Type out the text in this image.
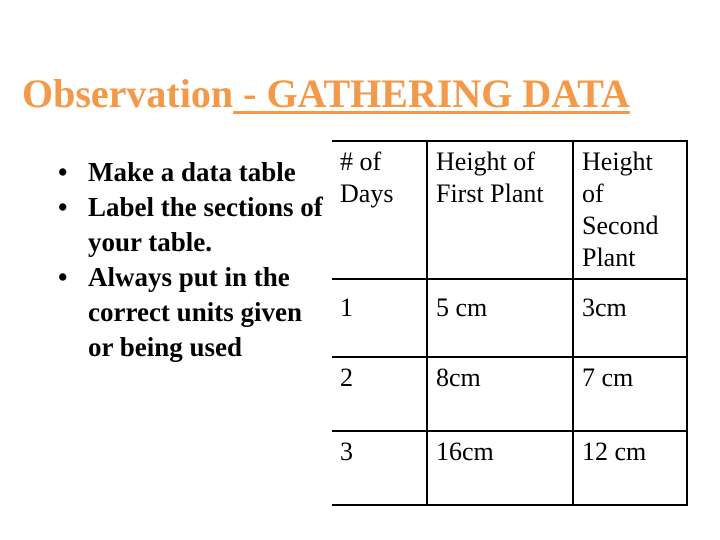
Observation - GATHERING DATA
• Make a data table
• Label the sections of your table.
• Always put in the correct units given or being used
# of Days	Height of First Plant	Height of Second Plant
1	5 cm	3cm
2	8cm	7 cm
3	16cm	12 cm
